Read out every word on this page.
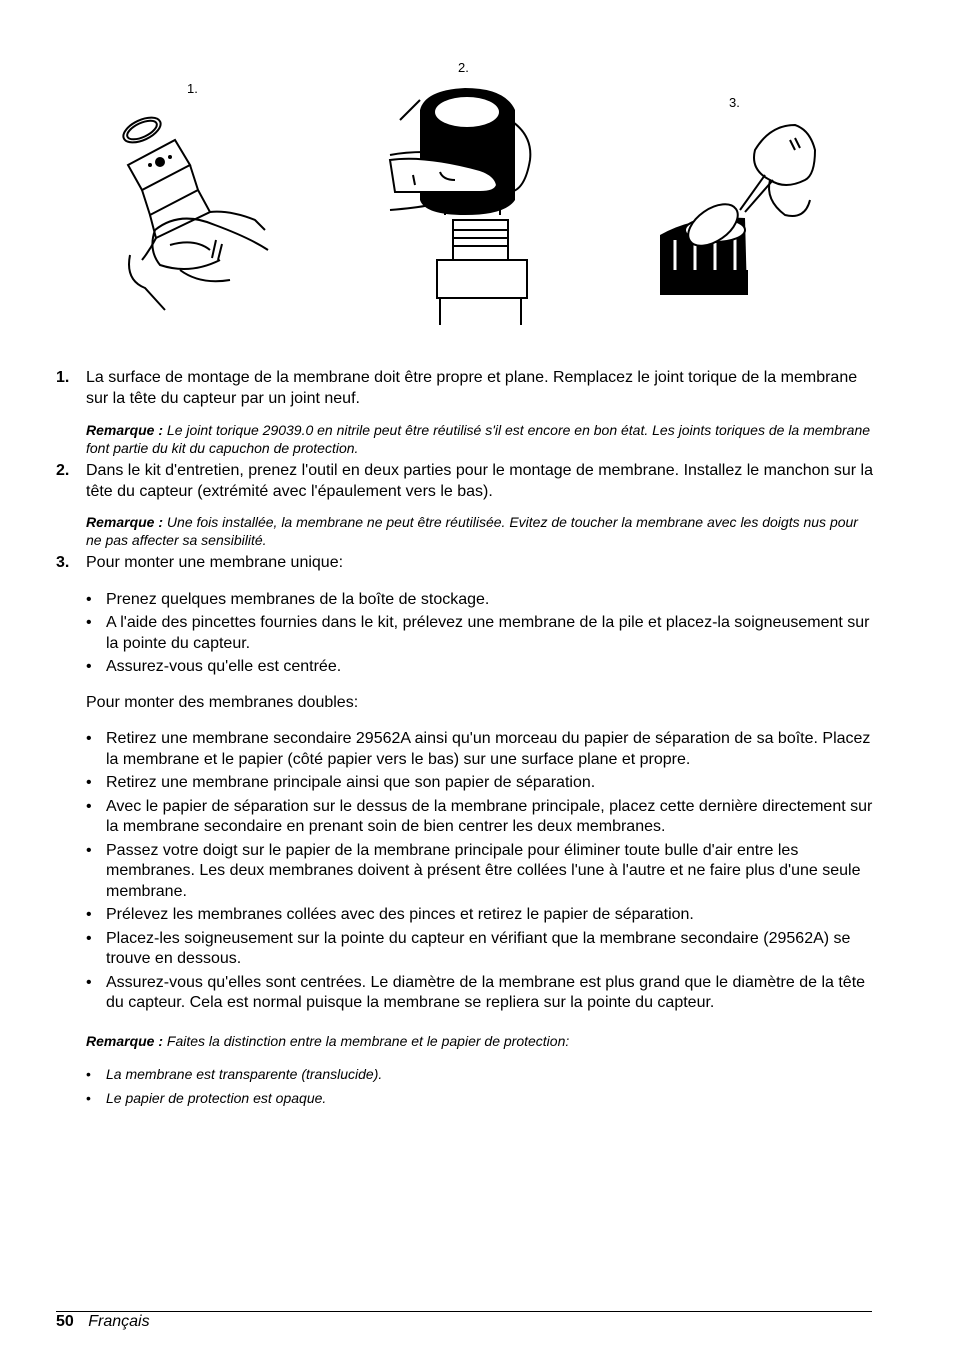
1.
2.
3.
1. La surface de montage de la membrane doit être propre et plane. Remplacez le joint torique de la membrane sur la tête du capteur par un joint neuf.
Remarque : Le joint torique 29039.0 en nitrile peut être réutilisé s'il est encore en bon état. Les joints toriques de la membrane font partie du kit du capuchon de protection.
2. Dans le kit d'entretien, prenez l'outil en deux parties pour le montage de membrane. Installez le manchon sur la tête du capteur (extrémité avec l'épaulement vers le bas).
Remarque : Une fois installée, la membrane ne peut être réutilisée. Evitez de toucher la membrane avec les doigts nus pour ne pas affecter sa sensibilité.
3. Pour monter une membrane unique:
• Prenez quelques membranes de la boîte de stockage.
• A l'aide des pincettes fournies dans le kit, prélevez une membrane de la pile et placez-la soigneusement sur la pointe du capteur.
• Assurez-vous qu'elle est centrée.
Pour monter des membranes doubles:
• Retirez une membrane secondaire 29562A ainsi qu'un morceau du papier de séparation de sa boîte. Placez la membrane et le papier (côté papier vers le bas) sur une surface plane et propre.
• Retirez une membrane principale ainsi que son papier de séparation.
• Avec le papier de séparation sur le dessus de la membrane principale, placez cette dernière directement sur la membrane secondaire en prenant soin de bien centrer les deux membranes.
• Passez votre doigt sur le papier de la membrane principale pour éliminer toute bulle d'air entre les membranes. Les deux membranes doivent à présent être collées l'une à l'autre et ne faire plus d'une seule membrane.
• Prélevez les membranes collées avec des pinces et retirez le papier de séparation.
• Placez-les soigneusement sur la pointe du capteur en vérifiant que la membrane secondaire (29562A) se trouve en dessous.
• Assurez-vous qu'elles sont centrées. Le diamètre de la membrane est plus grand que le diamètre de la tête du capteur. Cela est normal puisque la membrane se repliera sur la pointe du capteur.
Remarque : Faites la distinction entre la membrane et le papier de protection:
• La membrane est transparente (translucide).
• Le papier de protection est opaque.
50 Français
